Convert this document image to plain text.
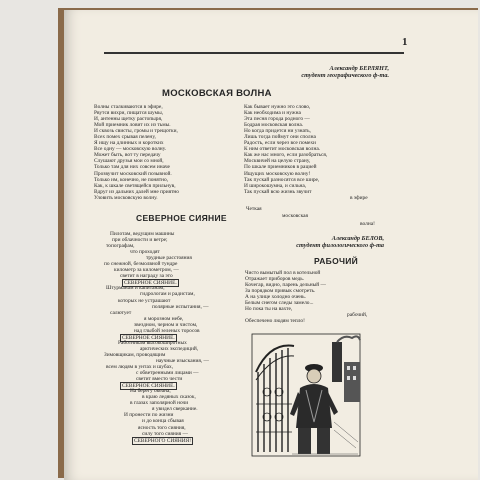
1
Александр БЕРЛЯНТ,
студент географического ф-та.
МОСКОВСКАЯ ВОЛНА
Волны сталкиваются в эфире,
Рвутся вихри, пищатся шумы,
И, антенны щетку растопыря,
Мой приемник ловит их из тьмы.
И сквозь свисты, громы и трещотки,
Всех помех срывая пелену,
Я ищу на длинных и коротких
Все одну — московскую волну.
Может быть, вот ту передачу
Слушают друзья мои со мной,
Только там для них совсем иначе
Прозвучит московский позывной.
Только им, конечно, не понятно,
Как, к шкале светящейся прильнув,
Вдруг из дальних далей мне приятно
Уловить московскую волну.
Как бывает нужно это слово,
Как необходима и нужна
Эта песня города родного —
Бодрая московская волна.
Но когда придется ни узнать,
Лишь тогда поймут они сполна
Радость, если через все помехи
К ним ответит московская волна.
Как же нас много, если разобраться,
Москвичей на целую страну,
По шкале приемников в рацией
Ищущих московскую волну!
Так пускай разносятся все шире,
И широкошумна, и сильна,
Так пускай всю жизнь звучит
в эфире
Четкая
московская
волна!
СЕВЕРНОЕ СИЯНИЕ
Пилотам, ведущим машины
при облачности и ветре;
топографам,
что проходят
трудные расстояния
по снежной, безмолвной тундре
километр за километром, —
светит в награду за это
СЕВЕРНОЕ СИЯНИЕ.
Штурманам и капитанам,
гидрологам и радистам,
которых не устрашают
полярные испытания, —
салютует
я морозном небе,
звездном, черном и чистом,
над глыбой зеленых торосов
СЕВЕРНОЕ СИЯНИЕ.
Работникам высокоширотных
арктических экспедиций,
Зимовщикам, проводящим
научные изыскания, —
всем людям в унтах и шубах,
с обветренными лицами —
светит вместо чести
СЕВЕРНОЕ СИЯНИЕ.
На берегу океана,
в краю ледяных сказок,
в глазах заполярной ночи
я увидел сверкание.
И пронести по жизни
и до конца сбывая
ясность того сияния,
силу того сияния —
СЕВЕРНОГО СИЯНИЯ!
Александр БЕЛОВ,
студент филологического ф-та
РАБОЧИЙ
Чисто вымытый пол в котельной
Отражает приборов медь.
Кочегар, видно, парень дельный —
За порядком привык смотреть.
А на улице холодно очень.
Белым снегом следы замело...
Но пока ты на вахте,
рабочий,
Обеспечено людям тепло!
